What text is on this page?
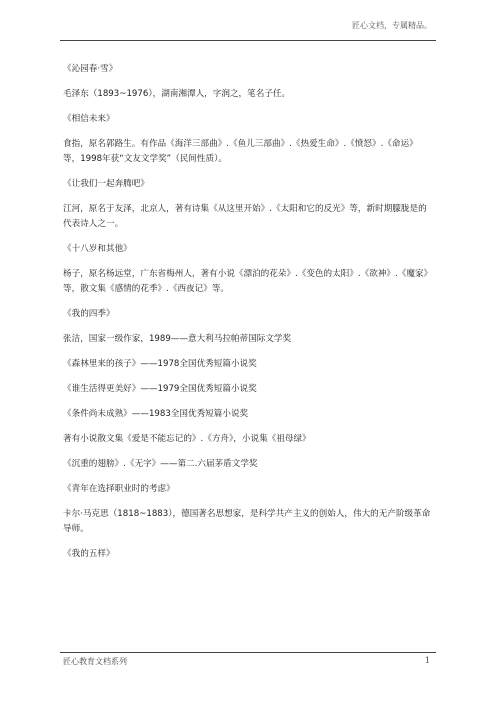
匠心文档，专属精品。

《沁园春·雪》

毛泽东（1893~1976），湖南湘潭人，字润之，笔名子任。

《相信未来》

食指，原名郭路生。有作品《海洋三部曲》.《鱼儿三部曲》.《热爱生命》.《愤怒》.《命运》等，1998年获“文友文学奖”（民间性质）。

《让我们一起奔腾吧》

江河，原名于友泽，北京人，著有诗集《从这里开始》.《太阳和它的反光》等，新时期朦胧是的代表诗人之一。

《十八岁和其他》

杨子，原名杨远堂，广东省梅州人，著有小说《漂泊的花朵》.《变色的太阳》.《欲神》.《魔家》等，散文集《感情的花季》.《西夜记》等。

《我的四季》

张洁，国家一级作家，1989——意大利马拉帕蒂国际文学奖

《森林里来的孩子》——1978全国优秀短篇小说奖

《谁生活得更美好》——1979全国优秀短篇小说奖

《条件尚未成熟》——1983全国优秀短篇小说奖

著有小说散文集《爱是不能忘记的》.《方舟》，小说集《祖母绿》

《沉重的翅膀》.《无字》——第二.六届茅盾文学奖

《青年在选择职业时的考虑》

卡尔·马克思（1818~1883），德国著名思想家，是科学共产主义的创始人，伟大的无产阶级革命导师。

《我的五样》

匠心教育文档系列	1
